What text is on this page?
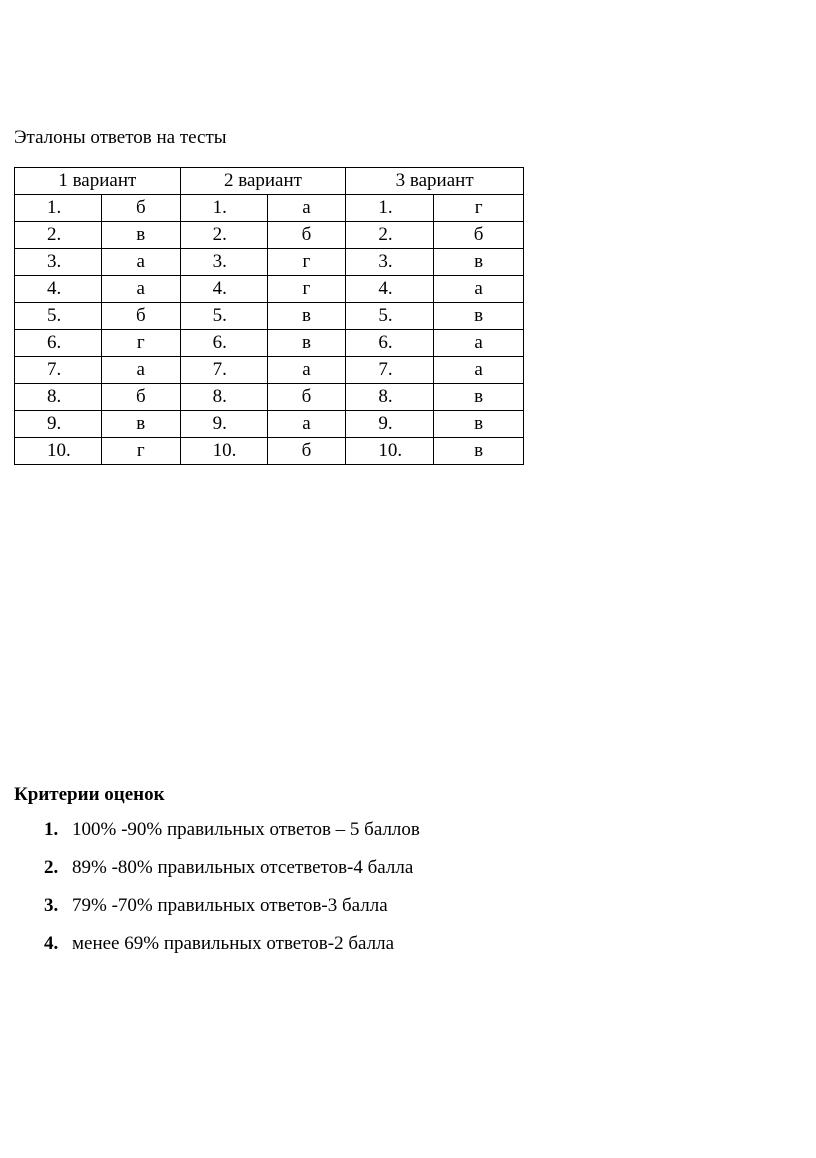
Эталоны ответов на тесты
1 вариант		2 вариант		3 вариант	
1.	б	1.	а	1.	г
2.	в	2.	б	2.	б
3.	а	3.	г	3.	в
4.	а	4.	г	4.	а
5.	б	5.	в	5.	в
6.	г	6.	в	6.	а
7.	а	7.	а	7.	а
8.	б	8.	б	8.	в
9.	в	9.	а	9.	в
10.	г	10.	б	10.	в
Критерии оценок
1. 100% -90% правильных ответов – 5 баллов
2. 89% -80% правильных отсетветов-4 балла
3. 79% -70% правильных ответов-3 балла
4. менее 69% правильных ответов-2 балла
